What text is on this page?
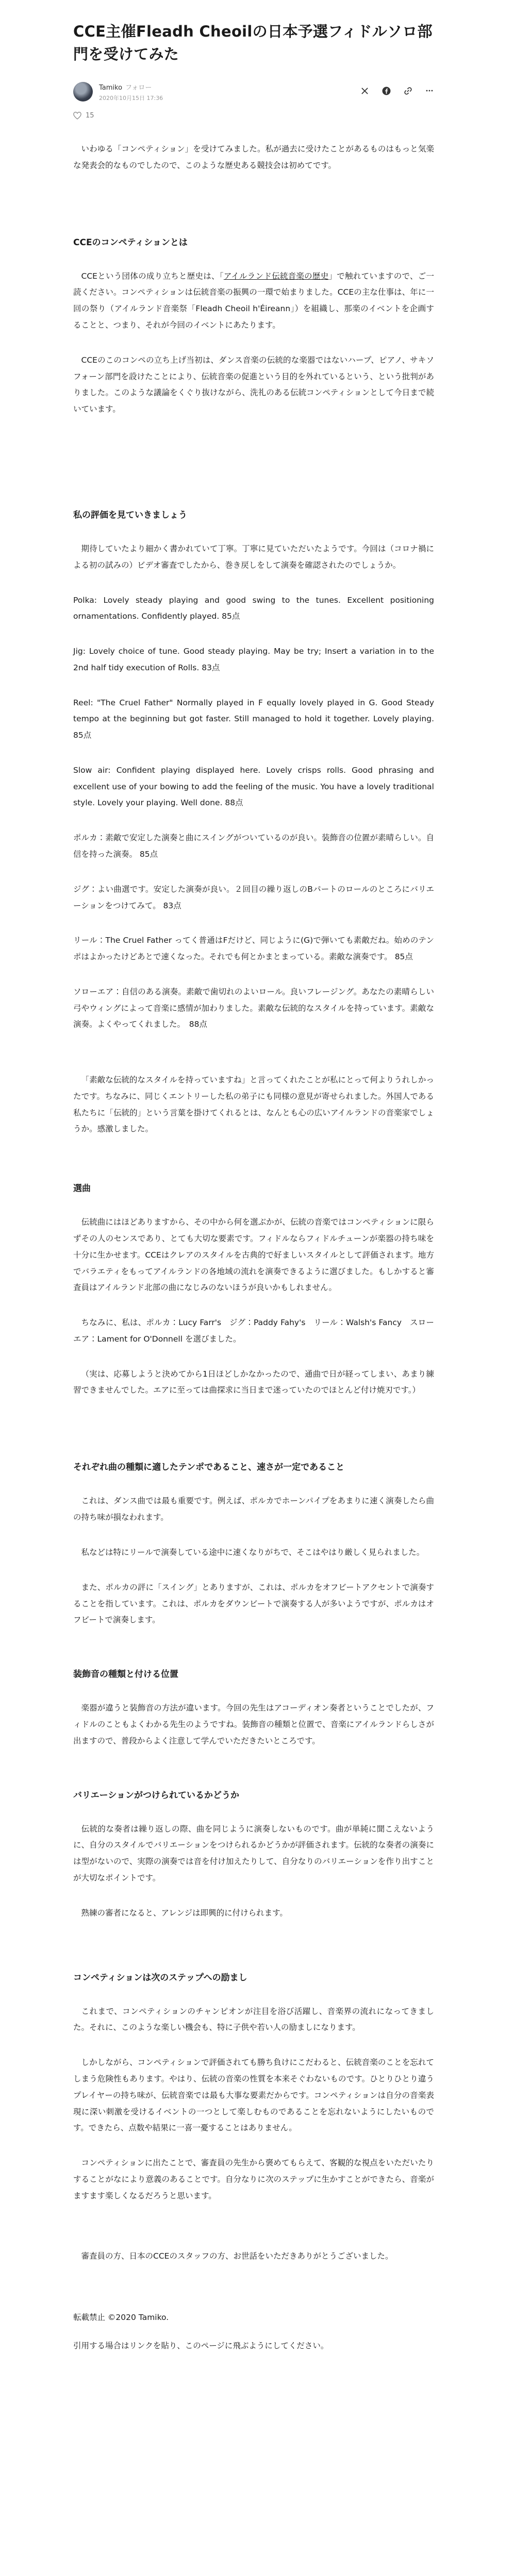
CCE主催Fleadh Cheoilの日本予選フィドルソロ部門を受けてみた
Tamiko フォロー
2020年10月15日 17:36
15

いわゆる「コンペティション」を受けてみました。私が過去に受けたことがあるものはもっと気楽な発表会的なものでしたので、このような歴史ある競技会は初めてです。

CCEのコンペティションとは

CCEという団体の成り立ちと歴史は、「アイルランド伝統音楽の歴史」で触れていますので、ご一読ください。コンペティションは伝統音楽の振興の一環で始まりました。CCEの主な仕事は、年に一回の祭り（アイルランド音楽祭「Fleadh Cheoil h'Éireann」）を組織し、那楽のイベントを企画することと、つまり、それが今回のイベントにあたります。

CCEのこのコンペの立ち上げ当初は、ダンス音楽の伝統的な楽器ではないハープ、ピアノ、サキソフォーン部門を設けたことにより、伝統音楽の促進という目的を外れているという、という批判がありました。このような議論をくぐり抜けながら、洗礼のある伝統コンペティションとして今日まで続いています。

私の評価を見ていきましょう

期待していたより細かく書かれていて丁寧。丁寧に見ていただいたようです。今回は（コロナ禍による初の試みの）ビデオ審査でしたから、巻き戻しをして演奏を確認されたのでしょうか。

Polka: Lovely steady playing and good swing to the tunes. Excellent positioning ornamentations. Confidently played. 85点

Jig: Lovely choice of tune. Good steady playing. May be try; Insert a variation in to the 2nd half tidy execution of Rolls. 83点

Reel: "The Cruel Father" Normally played in F equally lovely played in G. Good Steady tempo at the beginning but got faster. Still managed to hold it together. Lovely playing. 85点

Slow air: Confident playing displayed here. Lovely crisps rolls. Good phrasing and excellent use of your bowing to add the feeling of the music. You have a lovely traditional style. Lovely your playing. Well done. 88点

ポルカ：素敵で安定した演奏と曲にスイングがついているのが良い。装飾音の位置が素晴らしい。自信を持った演奏。 85点

ジグ：よい曲選です。安定した演奏が良い。２回目の繰り返しのBパートのロールのところにバリエーションをつけてみて。 83点

リール：The Cruel Father ってく普通はFだけど、同じように(G)で弾いても素敵だね。始めのテンポはよかったけどあとで速くなった。それでも何とかまとまっている。素敵な演奏です。 85点

ソローエア：自信のある演奏。素敵で歯切れのよいロール。良いフレージング。あなたの素晴らしい弓やウィングによって音楽に感情が加わりました。素敵な伝統的なスタイルを持っています。素敵な演奏。よくやってくれました。　88点

「素敵な伝統的なスタイルを持っていますね」と言ってくれたことが私にとって何よりうれしかったです。ちなみに、同じくエントリーした私の弟子にも同様の意見が寄せられました。外国人である私たちに「伝統的」という言葉を掛けてくれるとは、なんとも心の広いアイルランドの音楽家でしょうか。感激しました。

選曲

伝統曲にはほどありますから、その中から何を選ぶかが、伝統の音楽ではコンペティションに限らずその人のセンスであり、とても大切な要素です。フィドルならフィドルチューンが楽器の持ち味を十分に生かせます。CCEはクレアのスタイルを古典的で好ましいスタイルとして評価されます。地方でバラエティをもってアイルランドの各地域の流れを演奏できるように選びました。もしかすると審査員はアイルランド北部の曲になじみのないほうが良いかもしれません。

ちなみに、私は、ポルカ：Lucy Farr's　ジグ：Paddy Fahy's　リール：Walsh's Fancy　スローエア：Lament for O'Donnell を選びました。

（実は、応募しようと決めてから1日ほどしかなかったので、通曲で日が経ってしまい、あまり練習できませんでした。エアに至っては曲探求に当日まで迷っていたのでほとんど付け焼刃です。）

それぞれ曲の種類に適したテンポであること、速さが一定であること

これは、ダンス曲では最も重要です。例えば、ポルカでホーンパイプをあまりに速く演奏したら曲の持ち味が損なわれます。

私などは特にリールで演奏している途中に速くなりがちで、そこはやはり厳しく見られました。

また、ポルカの評に「スイング」とありますが、これは、ポルカをオフビートアクセントで演奏することを指しています。これは、ポルカをダウンビートで演奏する人が多いようですが、ポルカはオフビートで演奏します。

装飾音の種類と付ける位置

楽器が違うと装飾音の方法が違います。今回の先生はアコーディオン奏者ということでしたが、フィドルのこともよくわかる先生のようですね。装飾音の種類と位置で、音楽にアイルランドらしさが出ますので、普段からよく注意して学んでいただきたいところです。

バリエーションがつけられているかどうか

伝統的な奏者は繰り返しの際、曲を同じように演奏しないものです。曲が単純に聞こえないように、自分のスタイルでバリエーションをつけられるかどうかが評価されます。伝統的な奏者の演奏には型がないので、実際の演奏では音を付け加えたりして、自分なりのバリエーションを作り出すことが大切なポイントです。

熟練の審者になると、アレンジは即興的に付けられます。

コンペティションは次のステップへの励まし

これまで、コンペティションのチャンピオンが注目を浴び活躍し、音楽界の流れになってきました。それに、このような楽しい機会も、特に子供や若い人の励ましになります。

しかしながら、コンペティションで評価されても勝ち負けにこだわると、伝統音楽のことを忘れてしまう危険性もあります。やはり、伝統の音楽の性質を本来そぐわないものです。ひとりひとり違うプレイヤーの持ち味が、伝統音楽では最も大事な要素だからです。コンペティションは自分の音楽表現に深い刺激を受けるイベントの一つとして楽しむものであることを忘れないようにしたいものです。できたら、点数や結果に一喜一憂することはありません。

コンペティションに出たことで、審査員の先生から褒めてもらえて、客観的な視点をいただいたりすることがなにより意義のあることです。自分なりに次のステップに生かすことができたら、音楽がますます楽しくなるだろうと思います。

審査員の方、日本のCCEのスタッフの方、お世話をいただきありがとうございました。

転載禁止 ©2020 Tamiko.

引用する場合はリンクを貼り、このページに飛ぶようにしてください。
